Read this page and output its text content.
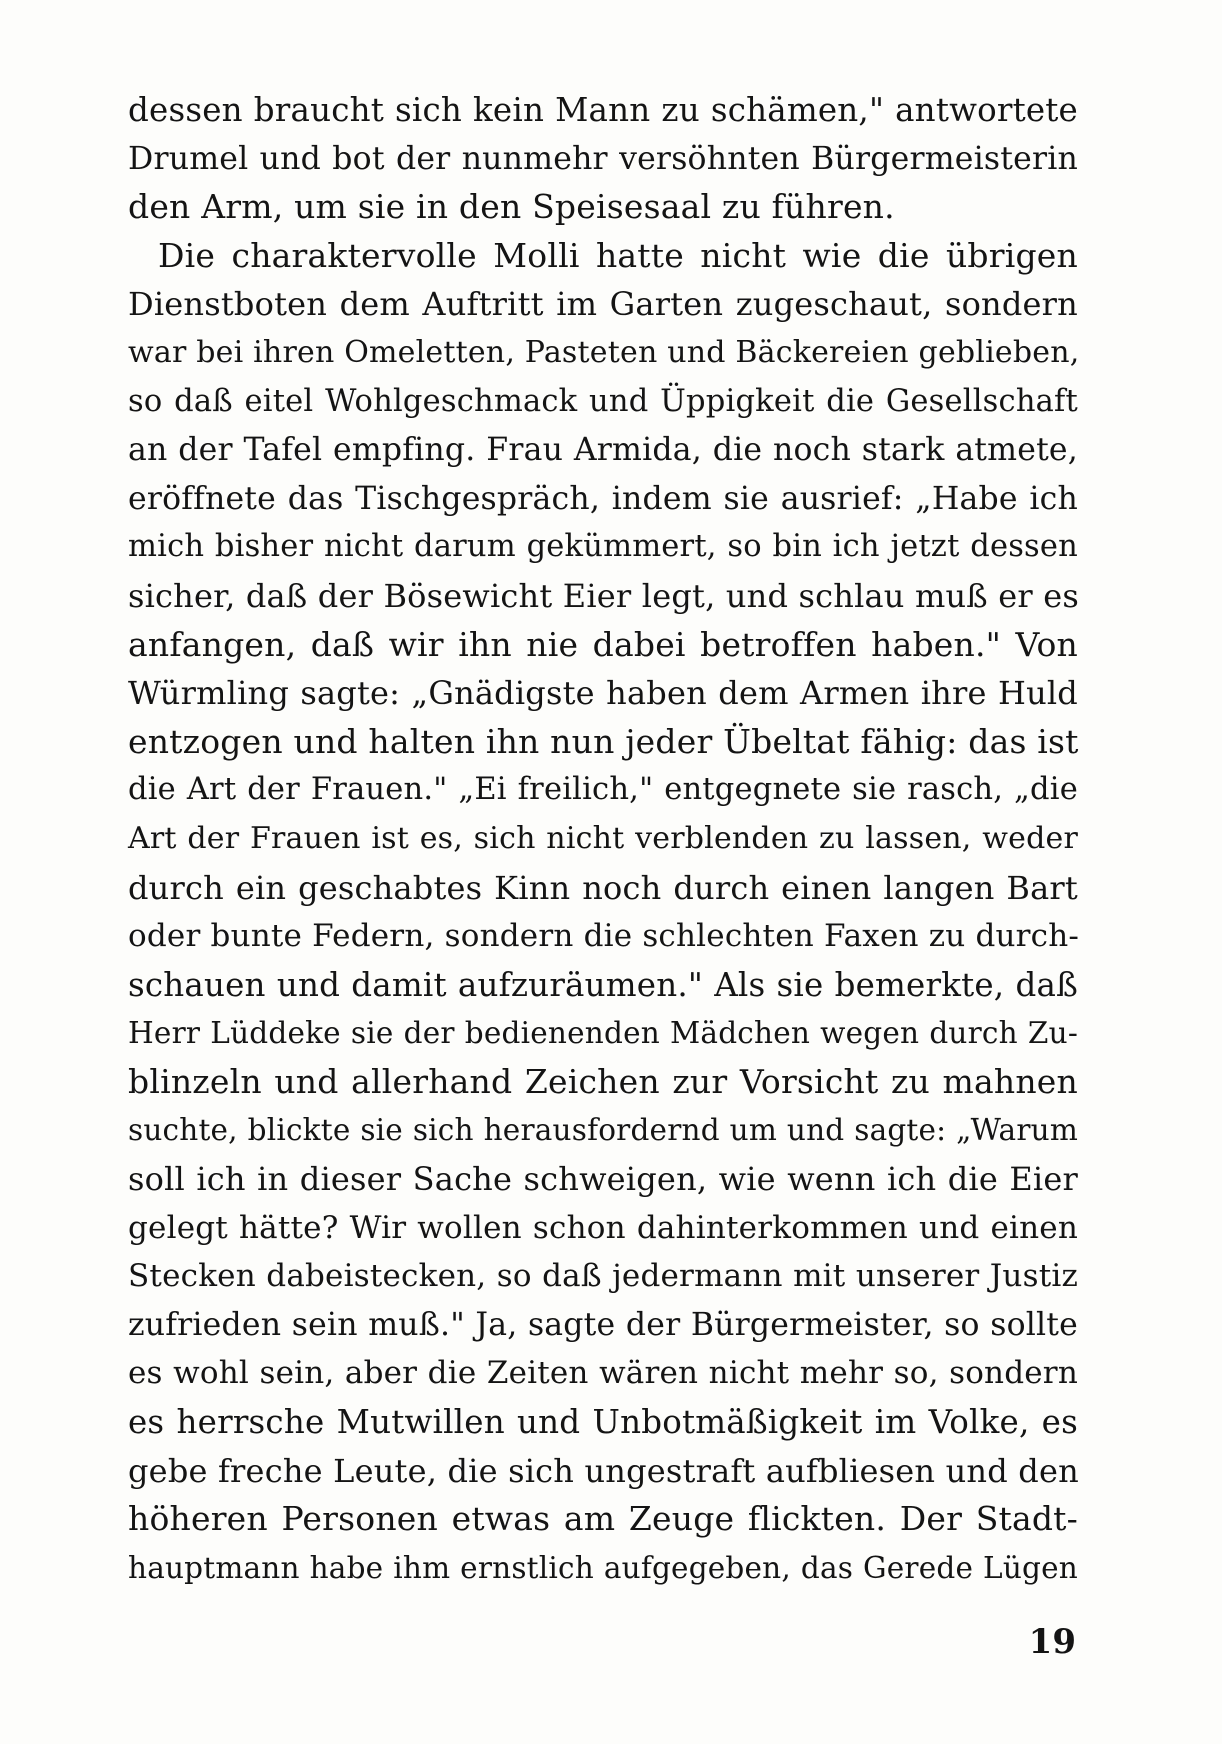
dessen braucht sich kein Mann zu schämen," antwortete
Drumel und bot der nunmehr versöhnten Bürgermeisterin
den Arm, um sie in den Speisesaal zu führen.
Die charaktervolle Molli hatte nicht wie die übrigen
Dienstboten dem Auftritt im Garten zugeschaut, sondern
war bei ihren Omeletten, Pasteten und Bäckereien geblieben,
so daß eitel Wohlgeschmack und Üppigkeit die Gesellschaft
an der Tafel empfing. Frau Armida, die noch stark atmete,
eröffnete das Tischgespräch, indem sie ausrief: „Habe ich
mich bisher nicht darum gekümmert, so bin ich jetzt dessen
sicher, daß der Bösewicht Eier legt, und schlau muß er es
anfangen, daß wir ihn nie dabei betroffen haben." Von
Würmling sagte: „Gnädigste haben dem Armen ihre Huld
entzogen und halten ihn nun jeder Übeltat fähig: das ist
die Art der Frauen." „Ei freilich," entgegnete sie rasch, „die
Art der Frauen ist es, sich nicht verblenden zu lassen, weder
durch ein geschabtes Kinn noch durch einen langen Bart
oder bunte Federn, sondern die schlechten Faxen zu durch-
schauen und damit aufzuräumen." Als sie bemerkte, daß
Herr Lüddeke sie der bedienenden Mädchen wegen durch Zu-
blinzeln und allerhand Zeichen zur Vorsicht zu mahnen
suchte, blickte sie sich herausfordernd um und sagte: „Warum
soll ich in dieser Sache schweigen, wie wenn ich die Eier
gelegt hätte? Wir wollen schon dahinterkommen und einen
Stecken dabeistecken, so daß jedermann mit unserer Justiz
zufrieden sein muß." Ja, sagte der Bürgermeister, so sollte
es wohl sein, aber die Zeiten wären nicht mehr so, sondern
es herrsche Mutwillen und Unbotmäßigkeit im Volke, es
gebe freche Leute, die sich ungestraft aufbliesen und den
höheren Personen etwas am Zeuge flickten. Der Stadt-
hauptmann habe ihm ernstlich aufgegeben, das Gerede Lügen
19
